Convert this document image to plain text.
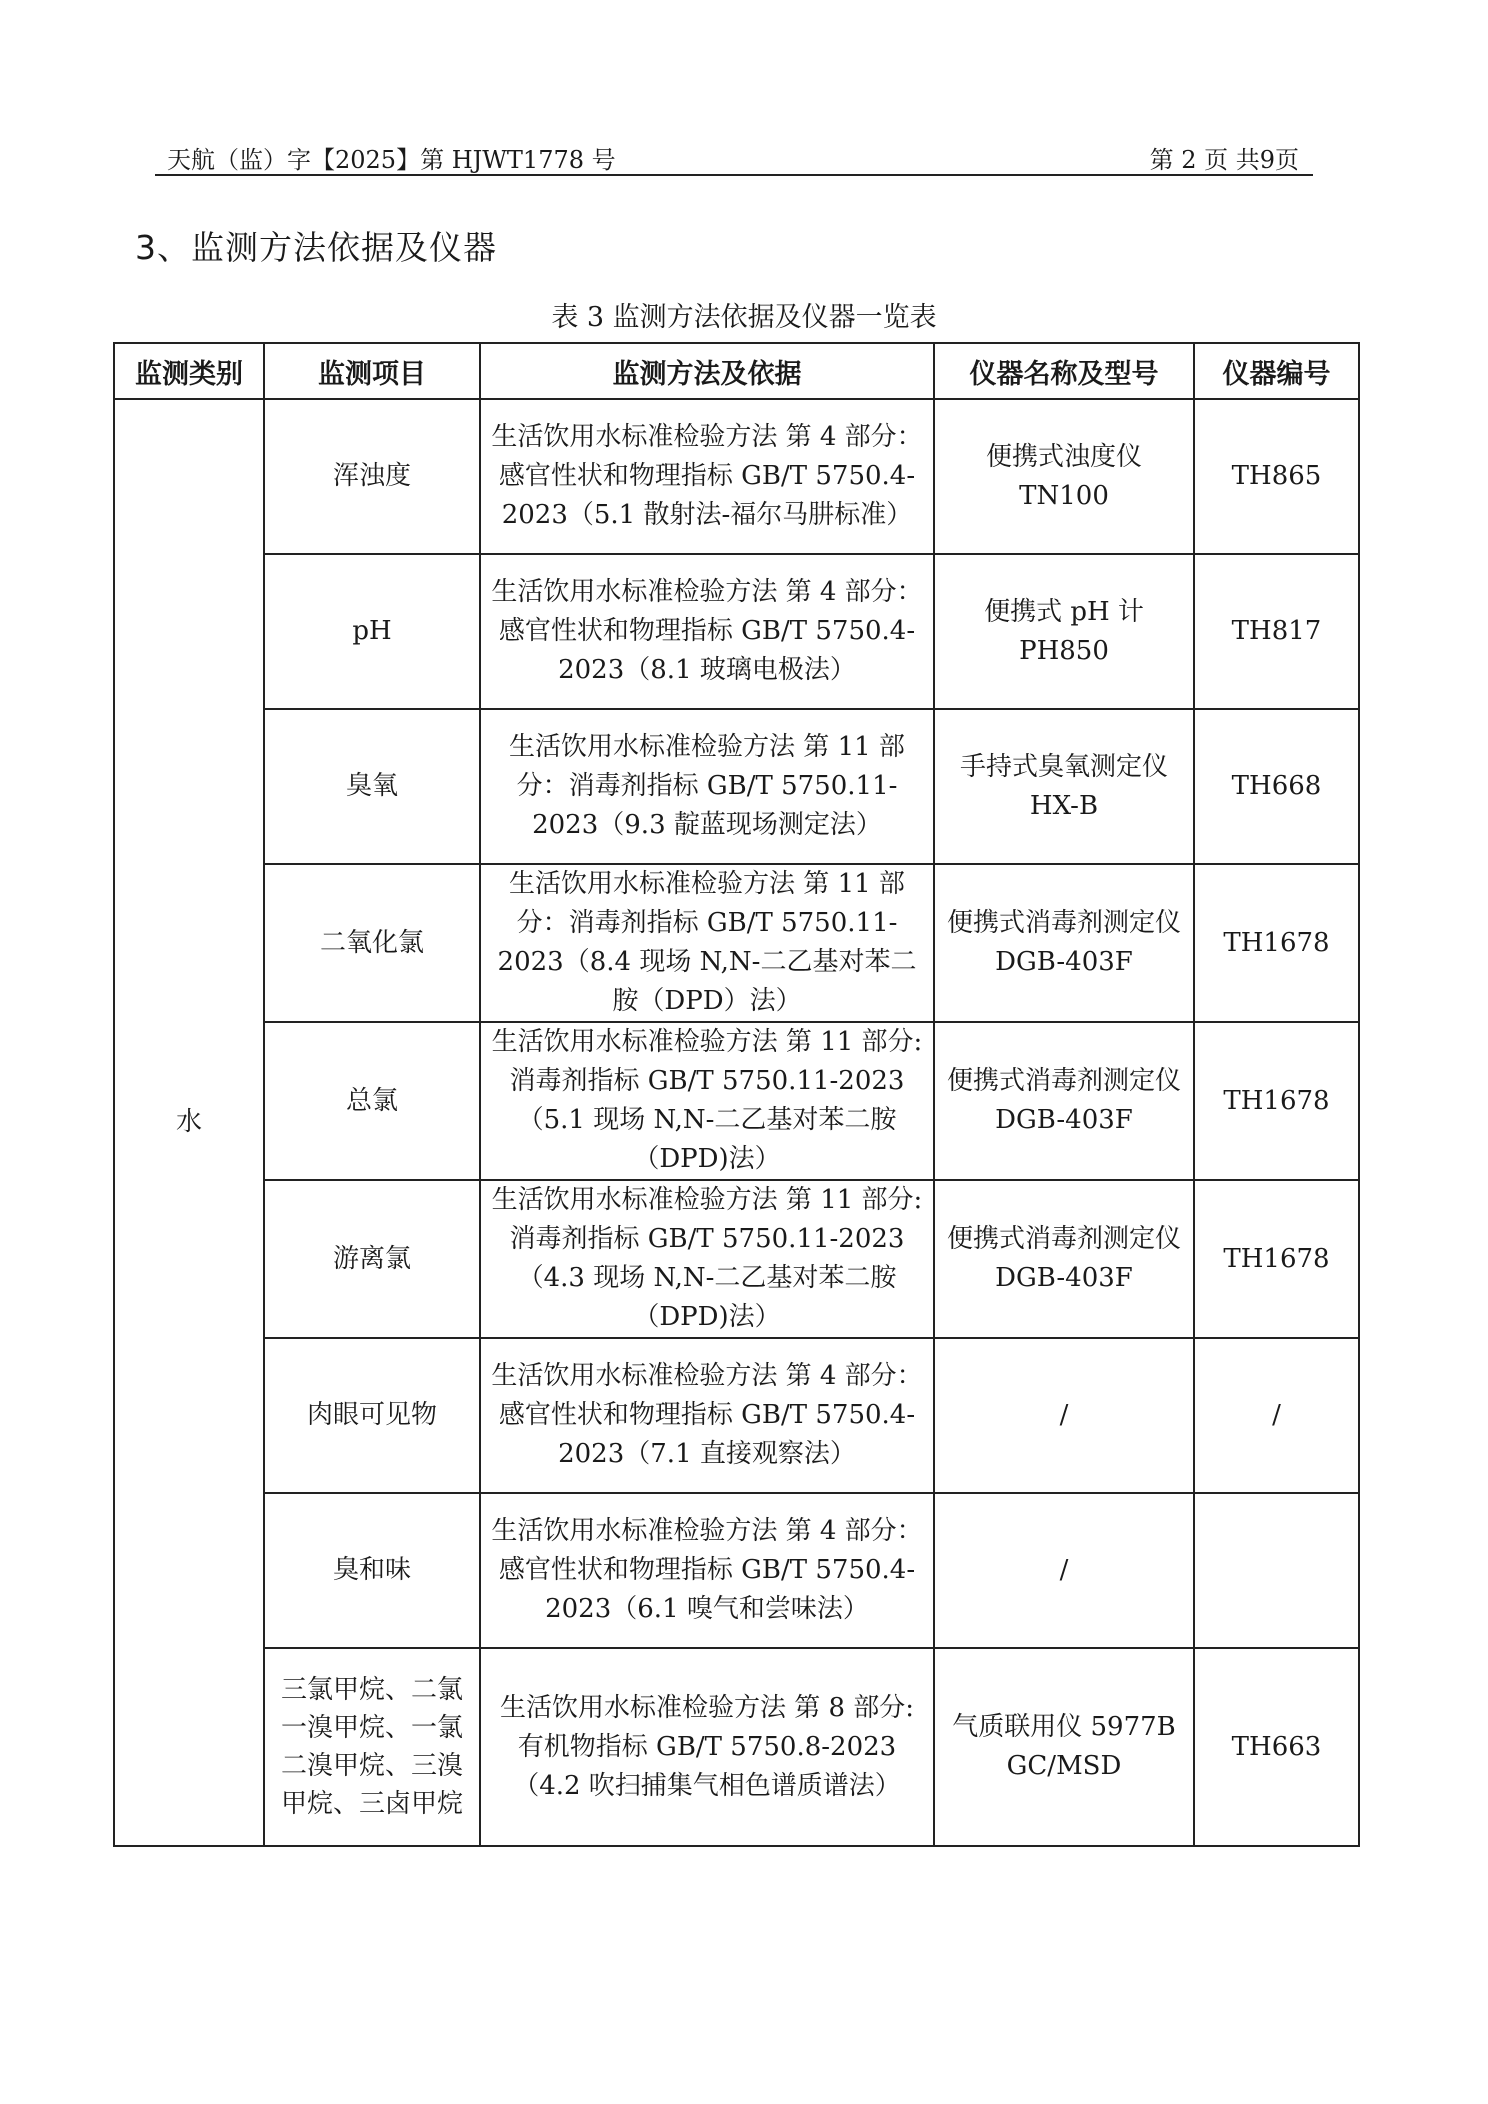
天航（监）字【2025】第 HJWT1778 号	第 2 页 共9页
3、监测方法依据及仪器
表 3 监测方法依据及仪器一览表
监测类别	监测项目	监测方法及依据	仪器名称及型号	仪器编号
水	浑浊度	生活饮用水标准检验方法 第 4 部分：感官性状和物理指标 GB/T 5750.4-2023（5.1 散射法-福尔马肼标准）	便携式浊度仪 TN100	TH865
	pH	生活饮用水标准检验方法 第 4 部分：感官性状和物理指标 GB/T 5750.4-2023（8.1 玻璃电极法）	便携式 pH 计 PH850	TH817
	臭氧	生活饮用水标准检验方法 第 11 部分：消毒剂指标 GB/T 5750.11-2023（9.3 靛蓝现场测定法）	手持式臭氧测定仪 HX-B	TH668
	二氧化氯	生活饮用水标准检验方法 第 11 部分：消毒剂指标 GB/T 5750.11-2023（8.4 现场 N,N-二乙基对苯二胺（DPD）法）	便携式消毒剂测定仪 DGB-403F	TH1678
	总氯	生活饮用水标准检验方法 第 11 部分:消毒剂指标 GB/T 5750.11-2023（5.1 现场 N,N-二乙基对苯二胺（DPD)法）	便携式消毒剂测定仪 DGB-403F	TH1678
	游离氯	生活饮用水标准检验方法 第 11 部分:消毒剂指标 GB/T 5750.11-2023（4.3 现场 N,N-二乙基对苯二胺（DPD)法）	便携式消毒剂测定仪 DGB-403F	TH1678
	肉眼可见物	生活饮用水标准检验方法 第 4 部分：感官性状和物理指标 GB/T 5750.4-2023（7.1 直接观察法）	/	/
	臭和味	生活饮用水标准检验方法 第 4 部分：感官性状和物理指标 GB/T 5750.4-2023（6.1 嗅气和尝味法）	/	
	三氯甲烷、二氯一溴甲烷、一氯二溴甲烷、三溴甲烷、三卤甲烷	生活饮用水标准检验方法 第 8 部分:有机物指标 GB/T 5750.8-2023（4.2 吹扫捕集气相色谱质谱法）	气质联用仪 5977B GC/MSD	TH663
